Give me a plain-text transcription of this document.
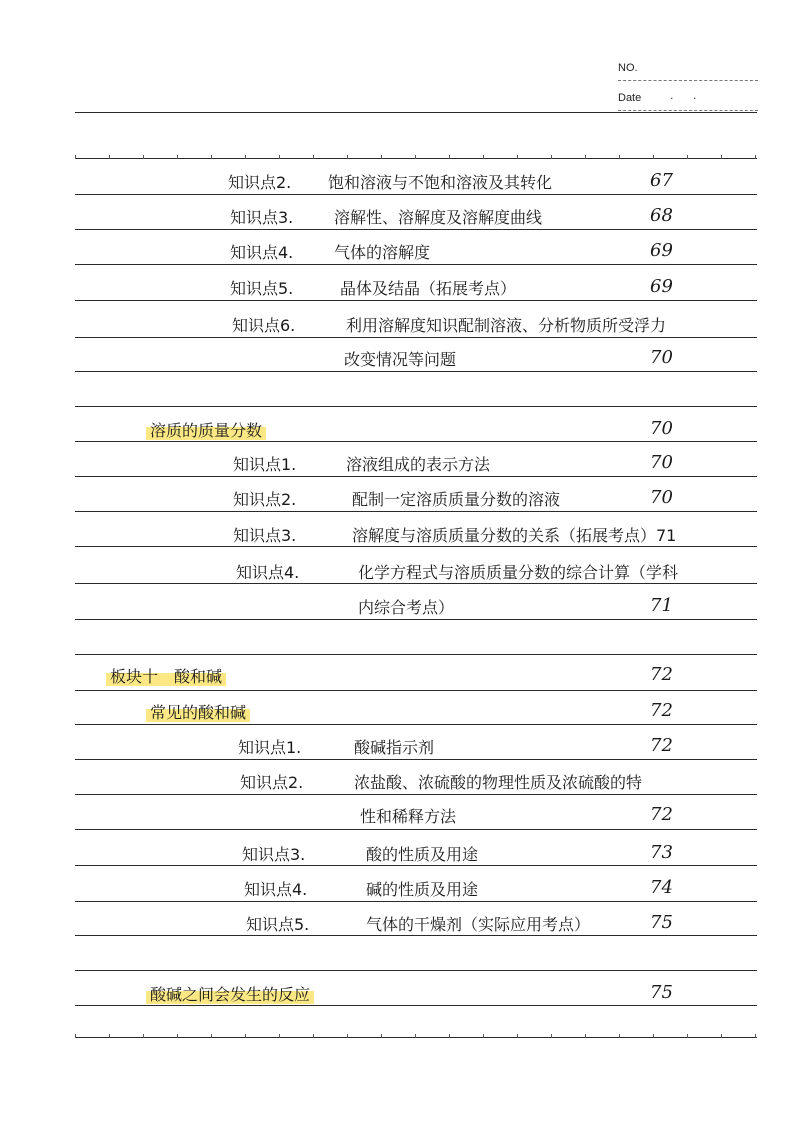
NO.
Date	· ·
知识点2. 饱和溶液与不饱和溶液及其转化	67
知识点3.	溶解性、溶解度及溶解度曲线	68
知识点4.	气体的溶解度	69
知识点5.	晶体及结晶（拓展考点）	69
知识点6.	利用溶解度知识配制溶液、分析物质所受浮力
改变情况等问题	70
溶质的质量分数	70
知识点1.	溶液组成的表示方法	70
知识点2.	配制一定溶质质量分数的溶液	70
知识点3.	溶解度与溶质质量分数的关系（拓展考点）71
知识点4.	化学方程式与溶质质量分数的综合计算（学科
内综合考点）	71
板块十　酸和碱	72
常见的酸和碱	72
知识点1.	酸碱指示剂	72
知识点2.	浓盐酸、浓硫酸的物理性质及浓硫酸的特
性和稀释方法	72
知识点3.	酸的性质及用途	73
知识点4.	碱的性质及用途	74
知识点5.	气体的干燥剂（实际应用考点）	75
酸碱之间会发生的反应	75
